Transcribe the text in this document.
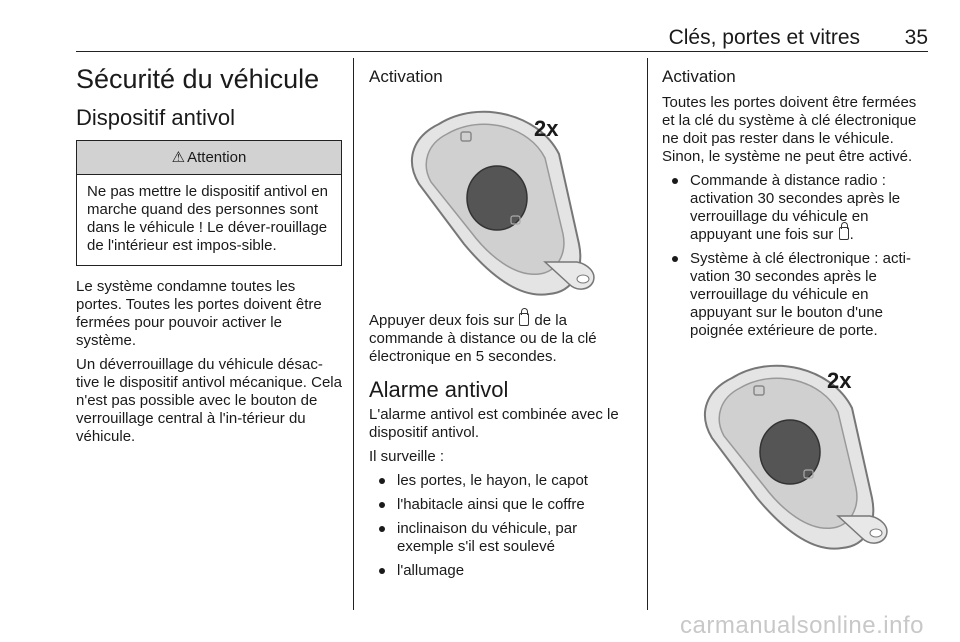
Clés, portes et vitres 35
Sécurité du véhicule
Dispositif antivol
⚠ Attention
Ne pas mettre le dispositif antivol en marche quand des personnes sont dans le véhicule ! Le déver-rouillage de l'intérieur est impos-sible.

Le système condamne toutes les portes. Toutes les portes doivent être fermées pour pouvoir activer le système.

Un déverrouillage du véhicule désac-tive le dispositif antivol mécanique. Cela n'est pas possible avec le bouton de verrouillage central à l'in-térieur du véhicule.

Activation
2x

Appuyer deux fois sur  de la commande à distance ou de la clé électronique en 5 secondes.

Alarme antivol

L'alarme antivol est combinée avec le dispositif antivol.

Il surveille :

les portes, le hayon, le capot
l'habitacle ainsi que le coffre
inclinaison du véhicule, par exemple s'il est soulevé
l'allumage
Activation

Toutes les portes doivent être fermées et la clé du système à clé électronique ne doit pas rester dans le véhicule. Sinon, le système ne peut être activé.

Commande à distance radio : activation 30 secondes après le verrouillage du véhicule en appuyant une fois sur .
Système à clé électronique : acti-vation 30 secondes après le verrouillage du véhicule en appuyant sur le bouton d'une poignée extérieure de porte.
2x
carmanualsonline.info
